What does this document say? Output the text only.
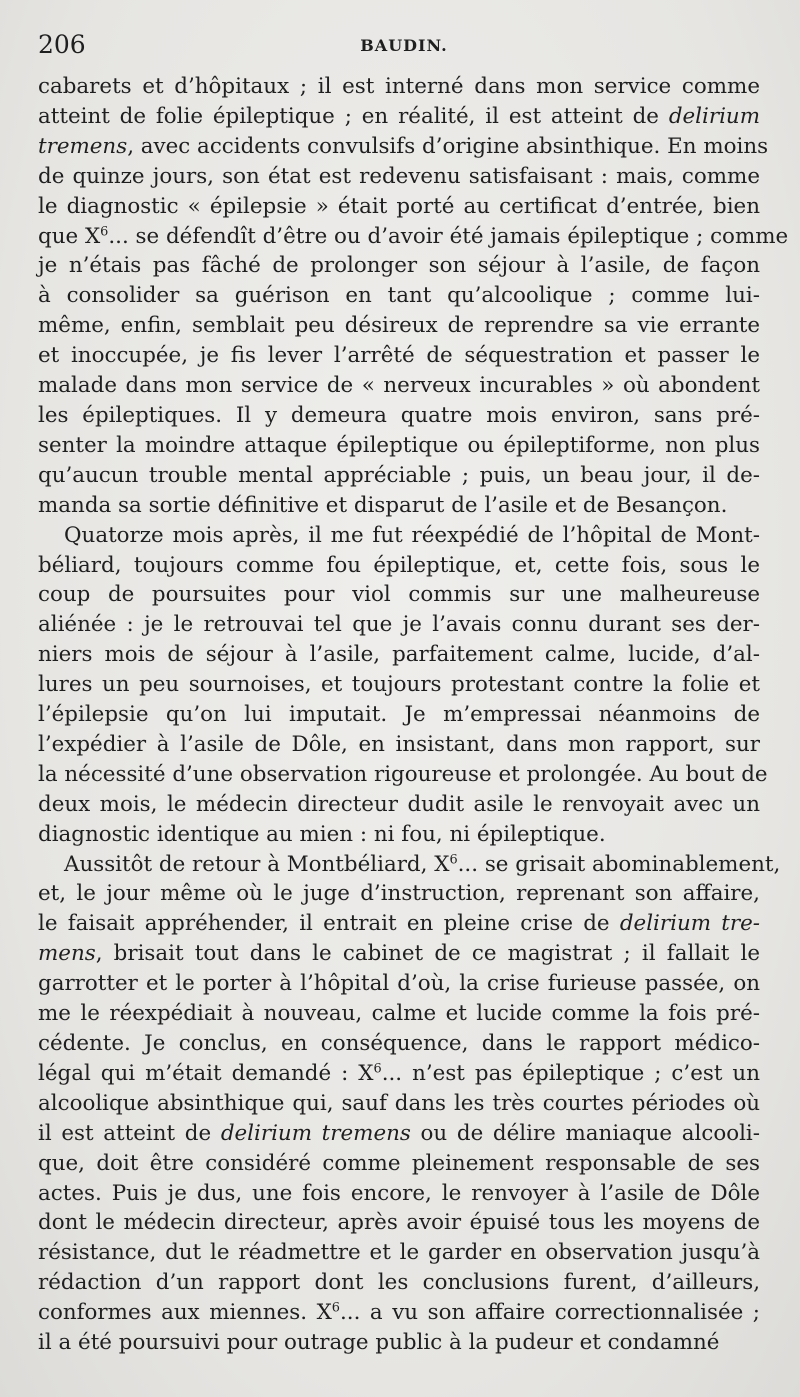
206	BAUDIN.

cabarets et d’hôpitaux ; il est interné dans mon service comme
atteint de folie épileptique ; en réalité, il est atteint de delirium
tremens, avec accidents convulsifs d’origine absinthique. En moins
de quinze jours, son état est redevenu satisfaisant : mais, comme
le diagnostic « épilepsie » était porté au certificat d’entrée, bien
que $X^6$... se défendît d’être ou d’avoir été jamais épileptique ; comme
je n’étais pas fâché de prolonger son séjour à l’asile, de façon
à consolider sa guérison en tant qu’alcoolique ; comme lui-
même, enfin, semblait peu désireux de reprendre sa vie errante
et inoccupée, je fis lever l’arrêté de séquestration et passer le
malade dans mon service de « nerveux incurables » où abondent
les épileptiques. Il y demeura quatre mois environ, sans pré-
senter la moindre attaque épileptique ou épileptiforme, non plus
qu’aucun trouble mental appréciable ; puis, un beau jour, il de-
manda sa sortie définitive et disparut de l’asile et de Besançon.

Quatorze mois après, il me fut réexpédié de l’hôpital de Mont-
béliard, toujours comme fou épileptique, et, cette fois, sous le
coup de poursuites pour viol commis sur une malheureuse
aliénée : je le retrouvai tel que je l’avais connu durant ses der-
niers mois de séjour à l’asile, parfaitement calme, lucide, d’al-
lures un peu sournoises, et toujours protestant contre la folie et
l’épilepsie qu’on lui imputait. Je m’empressai néanmoins de
l’expédier à l’asile de Dôle, en insistant, dans mon rapport, sur
la nécessité d’une observation rigoureuse et prolongée. Au bout de
deux mois, le médecin directeur dudit asile le renvoyait avec un
diagnostic identique au mien : ni fou, ni épileptique.

Aussitôt de retour à Montbéliard, $X^6$... se grisait abominablement,
et, le jour même où le juge d’instruction, reprenant son affaire,
le faisait appréhender, il entrait en pleine crise de delirium tre-
mens, brisait tout dans le cabinet de ce magistrat ; il fallait le
garrotter et le porter à l’hôpital d’où, la crise furieuse passée, on
me le réexpédiait à nouveau, calme et lucide comme la fois pré-
cédente. Je conclus, en conséquence, dans le rapport médico-
légal qui m’était demandé : $X^6$... n’est pas épileptique ; c’est un
alcoolique absinthique qui, sauf dans les très courtes périodes où
il est atteint de delirium tremens ou de délire maniaque alcooli-
que, doit être considéré comme pleinement responsable de ses
actes. Puis je dus, une fois encore, le renvoyer à l’asile de Dôle
dont le médecin directeur, après avoir épuisé tous les moyens de
résistance, dut le réadmettre et le garder en observation jusqu’à
rédaction d’un rapport dont les conclusions furent, d’ailleurs,
conformes aux miennes. $X^6$... a vu son affaire correctionnalisée ;
il a été poursuivi pour outrage public à la pudeur et condamné
